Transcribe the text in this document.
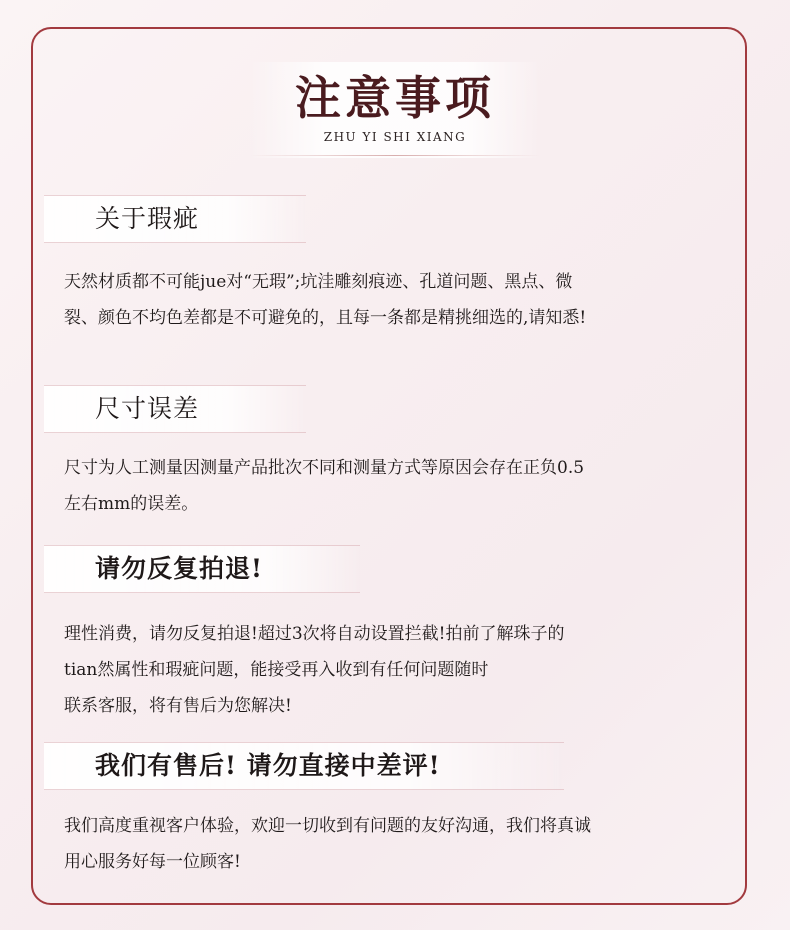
注意事项
ZHU YI SHI XIANG
关于瑕疵
天然材质都不可能jue对“无瑕”;坑洼雕刻痕迹、孔道问题、黑点、微
裂、颜色不均色差都是不可避免的，且每一条都是精挑细选的,请知悉!
尺寸误差
尺寸为人工测量因测量产品批次不同和测量方式等原因会存在正负0.5
左右mm的误差。
请勿反复拍退!
理性消费，请勿反复拍退!超过3次将自动设置拦截!拍前了解珠子的
tian然属性和瑕疵问题，能接受再入收到有任何问题随时
联系客服，将有售后为您解决!
我们有售后! 请勿直接中差评!
我们高度重视客户体验，欢迎一切收到有问题的友好沟通，我们将真诚
用心服务好每一位顾客!
